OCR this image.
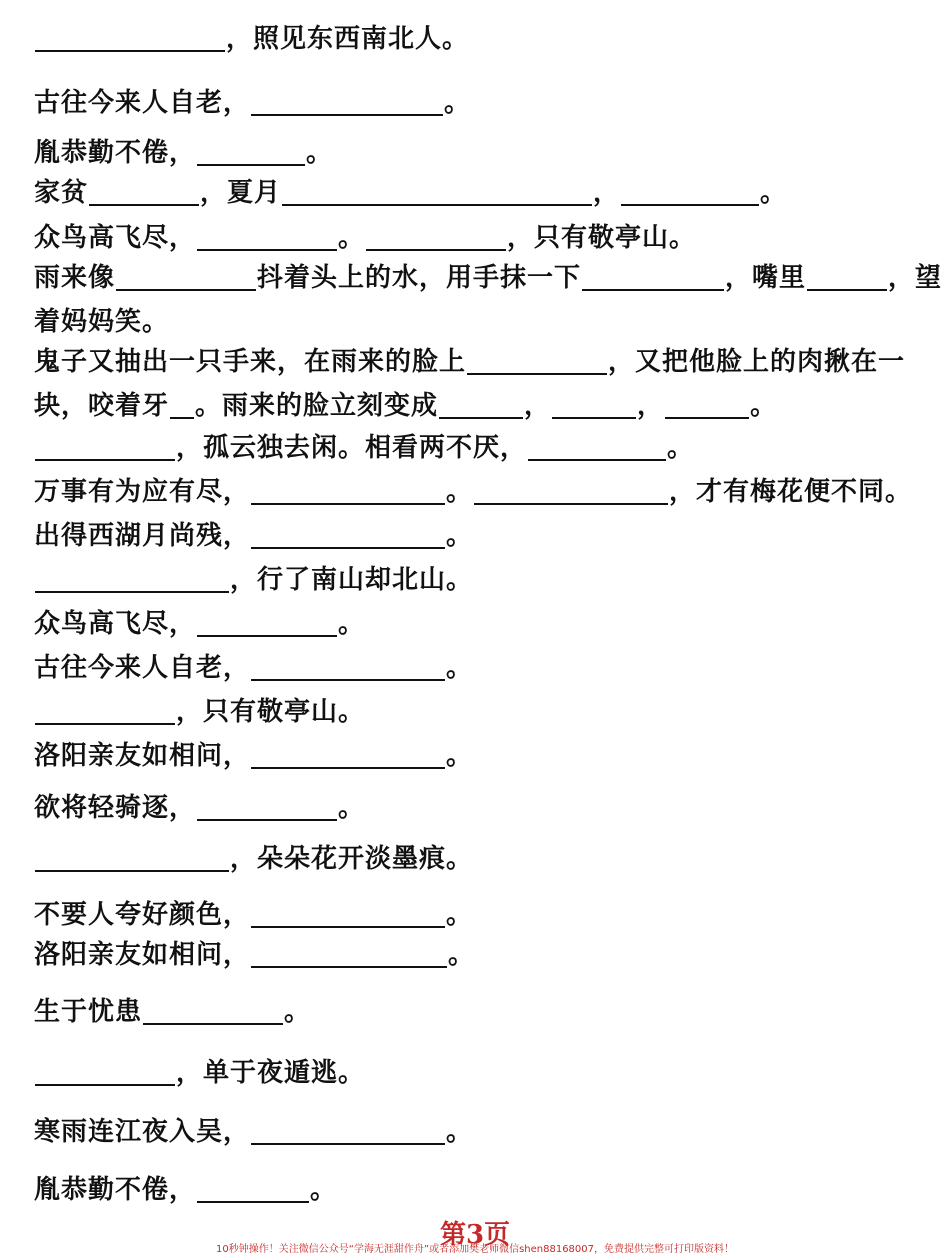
，照见东西南北人。
古往今来人自老，	。
胤恭勤不倦，	。
家贫	，夏月	，	。
众鸟高飞尽，	。	，只有敬亭山。
雨来像	抖着头上的水，用手抹一下	，嘴里	，望
着妈妈笑。
鬼子又抽出一只手来，在雨来的脸上	，又把他脸上的肉揪在一
块，咬着牙 。雨来的脸立刻变成	，	，	。
，孤云独去闲。相看两不厌，	。
万事有为应有尽，	。	，才有梅花便不同。
出得西湖月尚残，	。
，行了南山却北山。
众鸟高飞尽，	。
古往今来人自老，	。
，只有敬亭山。
洛阳亲友如相问，	。
欲将轻骑逐，	。
，朵朵花开淡墨痕。
不要人夸好颜色，	。
洛阳亲友如相问，	。
生于忧患	。
，单于夜遁逃。
寒雨连江夜入吴，	。
胤恭勤不倦，	。
第3页
10秒钟操作！关注微信公众号“学海无涯甜作舟”或者添加樊老师微信shen88168007，免费提供完整可打印版资料！
